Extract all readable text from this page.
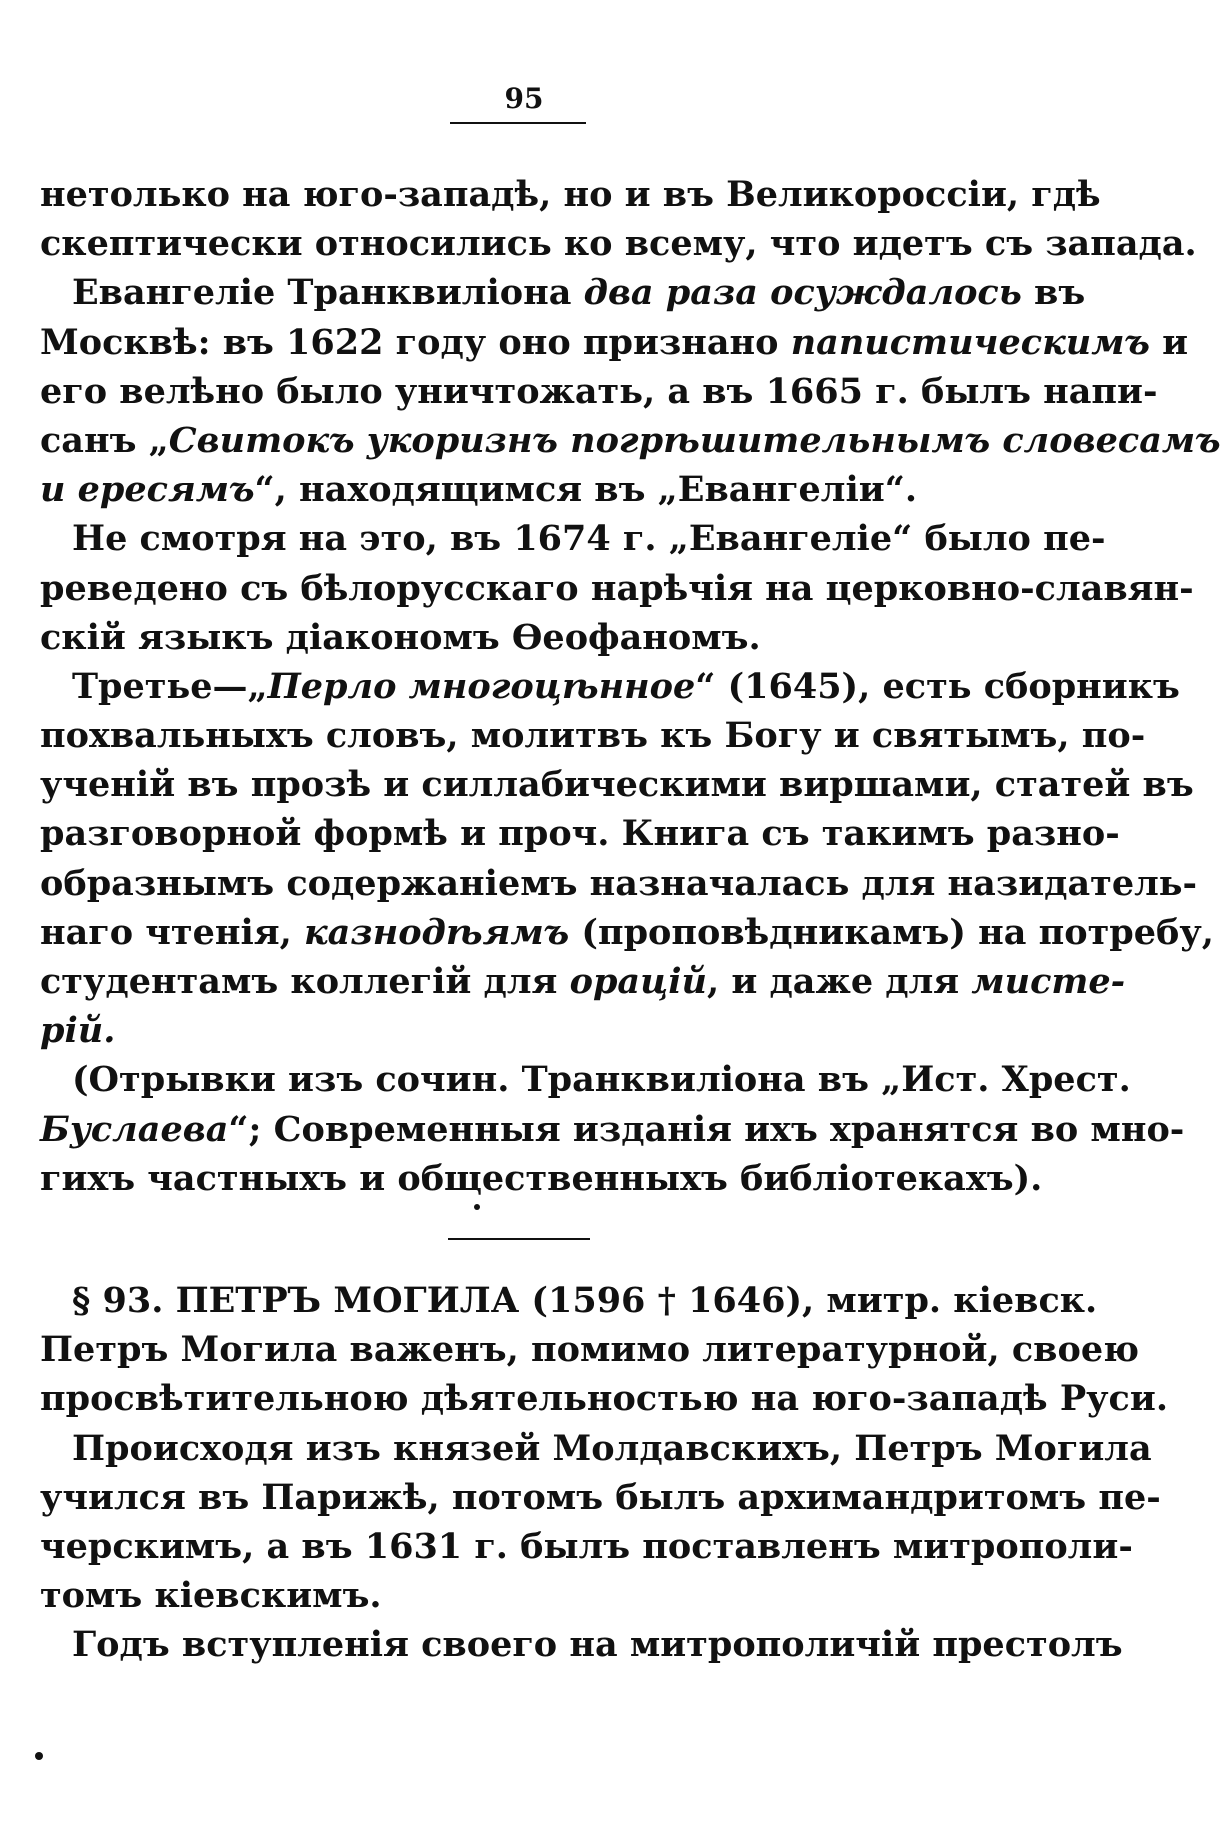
95
нетолько на юго-западѣ, но и въ Великороссіи, гдѣ
скептически относились ко всему, что идетъ съ запада.
Евангеліе Транквиліона два раза осуждалось въ
Москвѣ: въ 1622 году оно признано папистическимъ и
его велѣно было уничтожать, а въ 1665 г. былъ напи-
санъ „Свитокъ укоризнъ погрѣшительнымъ словесамъ
и ересямъ“, находящимся въ „Евангеліи“.
Не смотря на это, въ 1674 г. „Евангеліе“ было пе-
реведено съ бѣлорусскаго нарѣчія на церковно-славян-
скій языкъ діакономъ Ѳеофаномъ.
Третье—„Перло многоцѣнное“ (1645), есть сборникъ
похвальныхъ словъ, молитвъ къ Богу и святымъ, по-
ученій въ прозѣ и силлабическими виршами, статей въ
разговорной формѣ и проч. Книга съ такимъ разно-
образнымъ содержаніемъ назначалась для назидатель-
наго чтенія, казнодѣямъ (проповѣдникамъ) на потребу,
студентамъ коллегій для орацій, и даже для мисте-
рій.
(Отрывки изъ сочин. Транквиліона въ „Ист. Хрест.
Буслаева“; Современныя изданія ихъ хранятся во мно-
гихъ частныхъ и общественныхъ библіотекахъ).
§ 93. ПЕТРЪ МОГИЛА (1596 † 1646), митр. кіевск.
Петръ Могила важенъ, помимо литературной, своею
просвѣтительною дѣятельностью на юго-западѣ Руси.
Происходя изъ князей Молдавскихъ, Петръ Могила
учился въ Парижѣ, потомъ былъ архимандритомъ пе-
черскимъ, а въ 1631 г. былъ поставленъ митрополи-
томъ кіевскимъ.
Годъ вступленія своего на митрополичій престолъ
